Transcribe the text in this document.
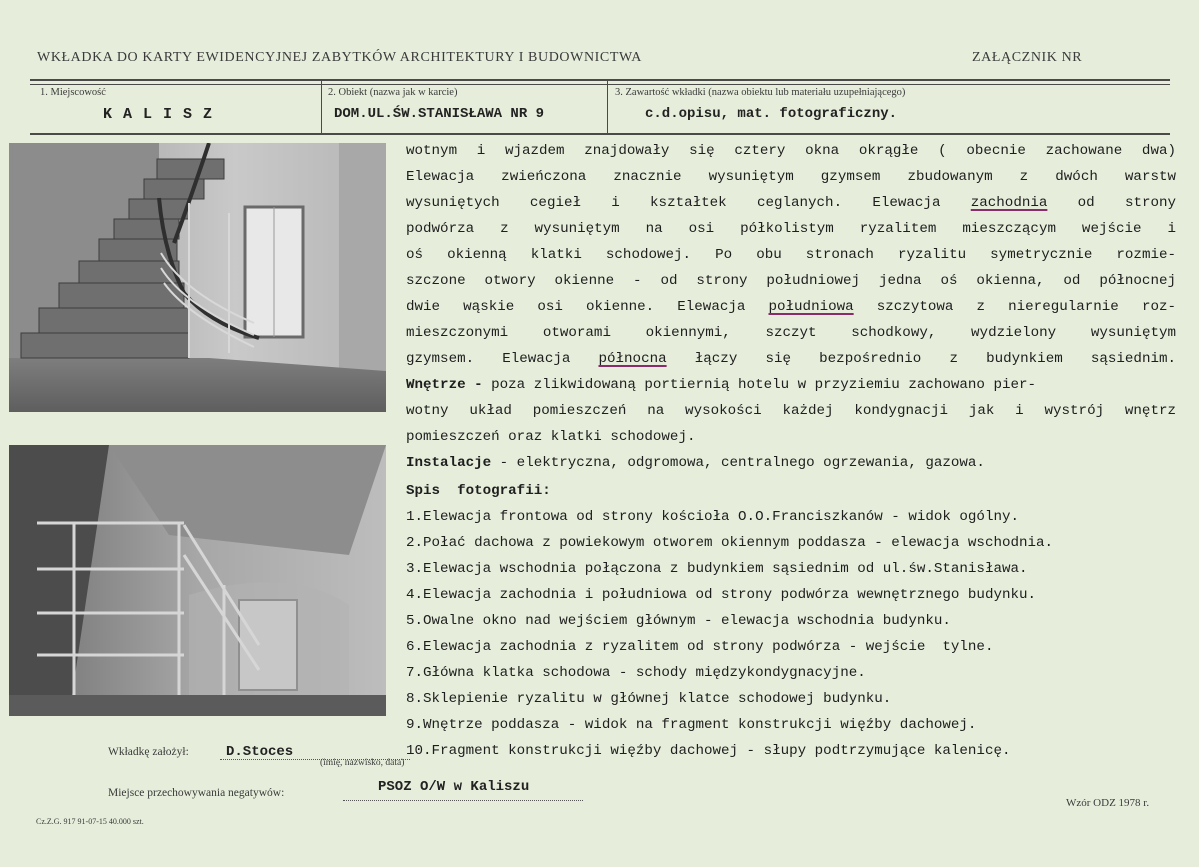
WKŁADKA DO KARTY EWIDENCYJNEJ ZABYTKÓW ARCHITEKTURY I BUDOWNICTWA	ZAŁĄCZNIK NR
1. Miejscowość
K A L I S Z
2. Obiekt (nazwa jak w karcie)
DOM.UL.ŚW.STANISŁAWA NR 9
3. Zawartość wkładki (nazwa obiektu lub materiału uzupełniającego)
c.d.opisu, mat. fotograficzny.
wotnym i wjazdem znajdowały się cztery okna okrągłe ( obecnie zachowane dwa)
Elewacja zwieńczona znacznie wysuniętym gzymsem zbudowanym z dwóch warstw
wysuniętych cegieł i kształtek ceglanych. Elewacja zachodnia od strony
podwórza z wysuniętym na osi półkolistym ryzalitem mieszczącym wejście i
oś okienną klatki schodowej. Po obu stronach ryzalitu symetrycznie rozmie-
szczone otwory okienne - od strony południowej jedna oś okienna, od północnej
dwie wąskie osi okienne. Elewacja południowa szczytowa z nieregularnie roz-
mieszczonymi otworami okiennymi, szczyt schodkowy, wydzielony wysuniętym
gzymsem. Elewacja północna łączy się bezpośrednio z budynkiem sąsiednim.
Wnętrze - poza zlikwidowaną portiernią hotelu w przyziemiu zachowano pier-
wotny układ pomieszczeń na wysokości każdej kondygnacji jak i wystrój wnętrz
pomieszczeń oraz klatki schodowej.
Instalacje - elektryczna, odgromowa, centralnego ogrzewania, gazowa.
Spis  fotografii:
1.Elewacja frontowa od strony kościoła O.O.Franciszkanów - widok ogólny.
2.Połać dachowa z powiekowym otworem okiennym poddasza - elewacja wschodnia.
3.Elewacja wschodnia połączona z budynkiem sąsiednim od ul.św.Stanisława.
4.Elewacja zachodnia i południowa od strony podwórza wewnętrznego budynku.
5.Owalne okno nad wejściem głównym - elewacja wschodnia budynku.
6.Elewacja zachodnia z ryzalitem od strony podwórza - wejście  tylne.
7.Główna klatka schodowa - schody międzykondygnacyjne.
8.Sklepienie ryzalitu w głównej klatce schodowej budynku.
9.Wnętrze poddasza - widok na fragment konstrukcji więźby dachowej.
10.Fragment konstrukcji więźby dachowej - słupy podtrzymujące kalenicę.
Wkładkę założył:	D.Stoces
(imię, nazwisko, data)
Miejsce przechowywania negatywów:	PSOZ O/W w Kaliszu
Wzór ODZ 1978 r.
Cz.Z.G. 917 91-07-15 40.000 szt.
